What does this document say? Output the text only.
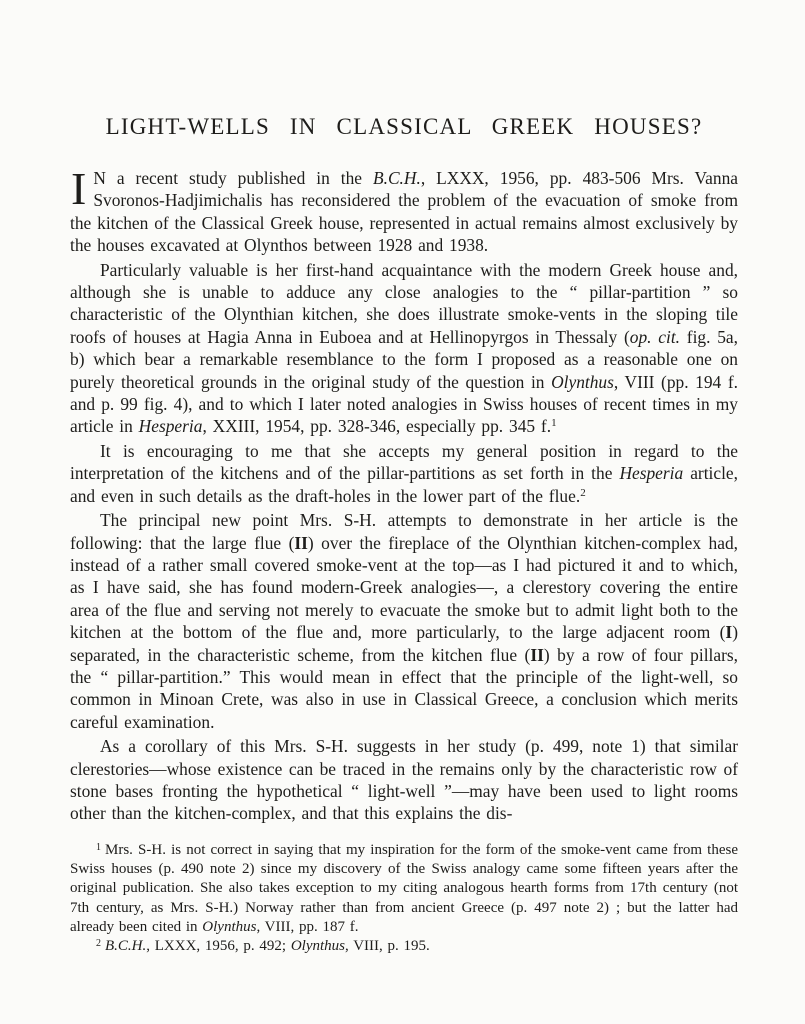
LIGHT-WELLS IN CLASSICAL GREEK HOUSES?

I N a recent study published in the B.C.H., LXXX, 1956, pp. 483-506 Mrs. Vanna Svoronos-Hadjimichalis has reconsidered the problem of the evacuation of smoke from the kitchen of the Classical Greek house, represented in actual remains almost exclusively by the houses excavated at Olynthos between 1928 and 1938.

Particularly valuable is her first-hand acquaintance with the modern Greek house and, although she is unable to adduce any close analogies to the “ pillar-partition ” so characteristic of the Olynthian kitchen, she does illustrate smoke-vents in the sloping tile roofs of houses at Hagia Anna in Euboea and at Hellinopyrgos in Thessaly (op. cit. fig. 5a, b) which bear a remarkable resemblance to the form I proposed as a reasonable one on purely theoretical grounds in the original study of the question in Olynthus, VIII (pp. 194 f. and p. 99 fig. 4), and to which I later noted analogies in Swiss houses of recent times in my article in Hesperia, XXIII, 1954, pp. 328-346, especially pp. 345 f.$^1$

It is encouraging to me that she accepts my general position in regard to the interpretation of the kitchens and of the pillar-partitions as set forth in the Hesperia article, and even in such details as the draft-holes in the lower part of the flue.$^2$

The principal new point Mrs. S-H. attempts to demonstrate in her article is the following: that the large flue (II) over the fireplace of the Olynthian kitchen-complex had, instead of a rather small covered smoke-vent at the top—as I had pictured it and to which, as I have said, she has found modern-Greek analogies—, a clerestory covering the entire area of the flue and serving not merely to evacuate the smoke but to admit light both to the kitchen at the bottom of the flue and, more particularly, to the large adjacent room (I) separated, in the characteristic scheme, from the kitchen flue (II) by a row of four pillars, the “ pillar-partition.” This would mean in effect that the principle of the light-well, so common in Minoan Crete, was also in use in Classical Greece, a conclusion which merits careful examination.

As a corollary of this Mrs. S-H. suggests in her study (p. 499, note 1) that similar clerestories—whose existence can be traced in the remains only by the characteristic row of stone bases fronting the hypothetical “ light-well ”—may have been used to light rooms other than the kitchen-complex, and that this explains the dis-

$^1$ Mrs. S-H. is not correct in saying that my inspiration for the form of the smoke-vent came from these Swiss houses (p. 490 note 2) since my discovery of the Swiss analogy came some fifteen years after the original publication. She also takes exception to my citing analogous hearth forms from 17th century (not 7th century, as Mrs. S-H.) Norway rather than from ancient Greece (p. 497 note 2) ; but the latter had already been cited in Olynthus, VIII, pp. 187 f.

$^2$ B.C.H., LXXX, 1956, p. 492; Olynthus, VIII, p. 195.
